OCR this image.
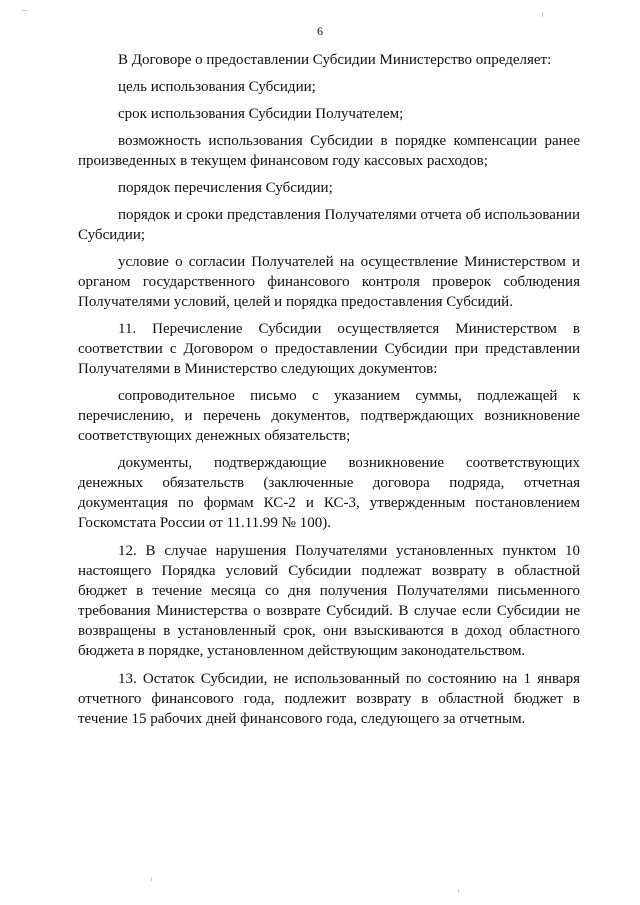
6
В Договоре о предоставлении Субсидии Министерство определяет:
цель использования Субсидии;
срок использования Субсидии Получателем;
возможность использования Субсидии в порядке компенсации ранее
произведенных в текущем финансовом году кассовых расходов;
порядок перечисления Субсидии;
порядок и сроки представления Получателями отчета об использовании
Субсидии;
условие о согласии Получателей на осуществление Министерством и
органом государственного финансового контроля проверок соблюдения
Получателями условий, целей и порядка предоставления Субсидий.
11. Перечисление Субсидии осуществляется Министерством в
соответствии с Договором о предоставлении Субсидии при представлении
Получателями в Министерство следующих документов:
сопроводительное письмо с указанием суммы, подлежащей к
перечислению, и перечень документов, подтверждающих возникновение
соответствующих денежных обязательств;
документы, подтверждающие возникновение соответствующих
денежных обязательств (заключенные договора подряда, отчетная
документация по формам КС-2 и КС-3, утвержденным постановлением
Госкомстата России от 11.11.99 № 100).
12. В случае нарушения Получателями установленных пунктом 10
настоящего Порядка условий Субсидии подлежат возврату в областной
бюджет в течение месяца со дня получения Получателями письменного
требования Министерства о возврате Субсидий. В случае если Субсидии не
возвращены в установленный срок, они взыскиваются в доход областного
бюджета в порядке, установленном действующим законодательством.
13. Остаток Субсидии, не использованный по состоянию на 1 января
отчетного финансового года, подлежит возврату в областной бюджет в
течение 15 рабочих дней финансового года, следующего за отчетным.
